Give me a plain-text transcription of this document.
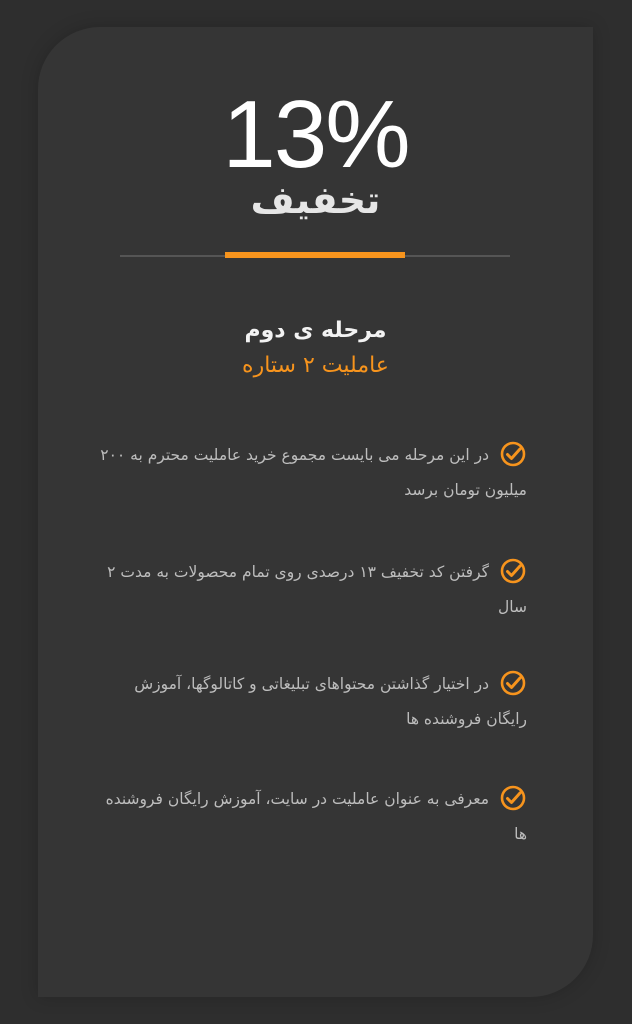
13%
تخفیف
مرحله ی دوم
عاملیت ۲ ستاره
در این مرحله می بایست مجموع خرید عاملیت محترم به ۲۰۰ میلیون تومان برسد
گرفتن کد تخفیف ۱۳ درصدی روی تمام محصولات به مدت ۲ سال
در اختیار گذاشتن محتواهای تبلیغاتی و کاتالوگها، آموزش رایگان فروشنده ها
معرفی به عنوان عاملیت در سایت، آموزش رایگان فروشنده ها
